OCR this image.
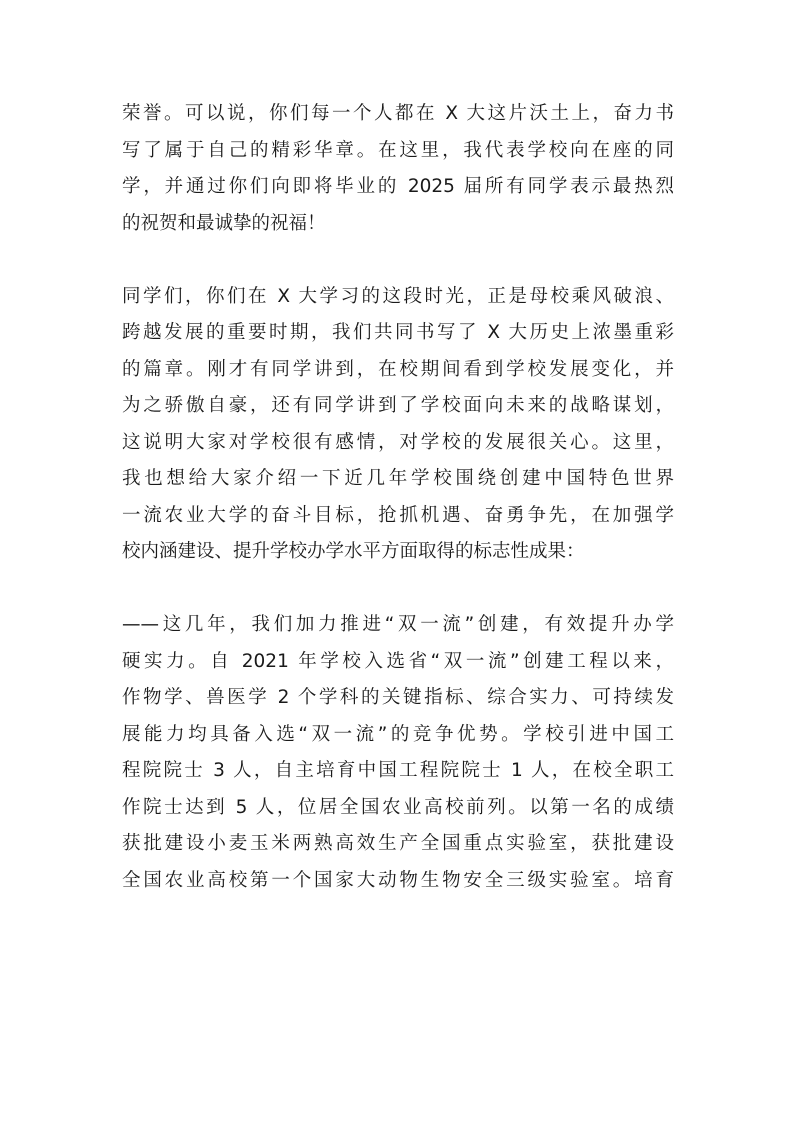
荣誉。可以说，你们每一个人都在 X 大这片沃土上，奋力书
写了属于自己的精彩华章。在这里，我代表学校向在座的同
学，并通过你们向即将毕业的 2025 届所有同学表示最热烈
的祝贺和最诚挚的祝福！
同学们，你们在 X 大学习的这段时光，正是母校乘风破浪、
跨越发展的重要时期，我们共同书写了 X 大历史上浓墨重彩
的篇章。刚才有同学讲到，在校期间看到学校发展变化，并
为之骄傲自豪，还有同学讲到了学校面向未来的战略谋划，
这说明大家对学校很有感情，对学校的发展很关心。这里，
我也想给大家介绍一下近几年学校围绕创建中国特色世界
一流农业大学的奋斗目标，抢抓机遇、奋勇争先，在加强学
校内涵建设、提升学校办学水平方面取得的标志性成果：
——这几年，我们加力推进“双一流”创建，有效提升办学
硬实力。自 2021 年学校入选省“双一流”创建工程以来，
作物学、兽医学 2 个学科的关键指标、综合实力、可持续发
展能力均具备入选“双一流”的竞争优势。学校引进中国工
程院院士 3 人，自主培育中国工程院院士 1 人，在校全职工
作院士达到 5 人，位居全国农业高校前列。以第一名的成绩
获批建设小麦玉米两熟高效生产全国重点实验室，获批建设
全国农业高校第一个国家大动物生物安全三级实验室。培育
